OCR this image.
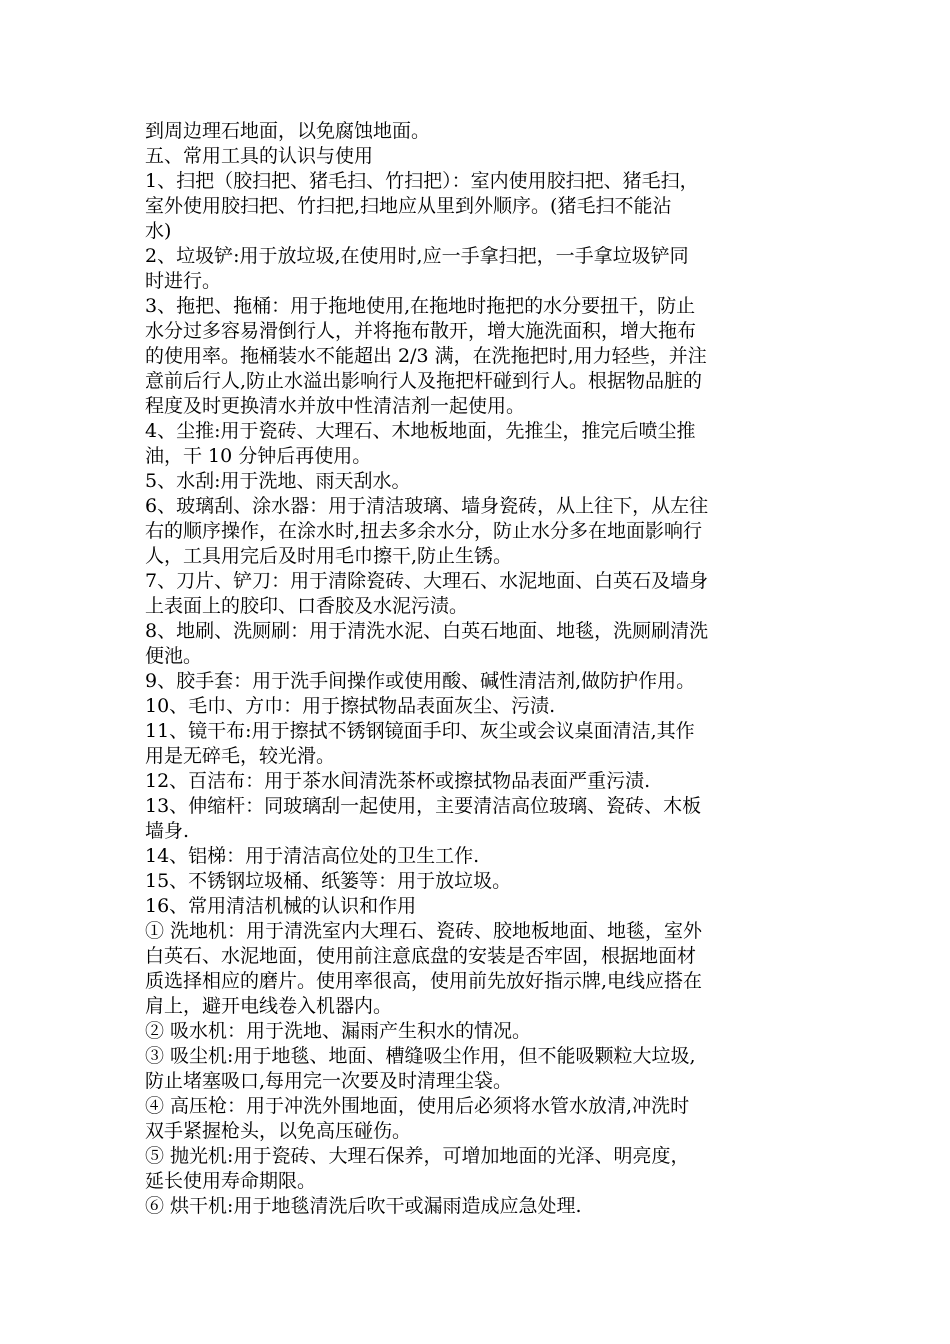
到周边理石地面，以免腐蚀地面。
五、常用工具的认识与使用
1、扫把（胶扫把、猪毛扫、竹扫把）：室内使用胶扫把、猪毛扫，
室外使用胶扫把、竹扫把,扫地应从里到外顺序。(猪毛扫不能沾
水)
2、垃圾铲:用于放垃圾,在使用时,应一手拿扫把，一手拿垃圾铲同
时进行。
3、拖把、拖桶：用于拖地使用,在拖地时拖把的水分要扭干，防止
水分过多容易滑倒行人，并将拖布散开，增大施洗面积，增大拖布
的使用率。拖桶装水不能超出 2/3 满，在洗拖把时,用力轻些，并注
意前后行人,防止水溢出影响行人及拖把杆碰到行人。根据物品脏的
程度及时更换清水并放中性清洁剂一起使用。
4、尘推:用于瓷砖、大理石、木地板地面，先推尘，推完后喷尘推
油，干 10 分钟后再使用。
5、水刮:用于洗地、雨天刮水。
6、玻璃刮、涂水器：用于清洁玻璃、墙身瓷砖，从上往下，从左往
右的顺序操作，在涂水时,扭去多余水分，防止水分多在地面影响行
人，工具用完后及时用毛巾擦干,防止生锈。
7、刀片、铲刀：用于清除瓷砖、大理石、水泥地面、白英石及墙身
上表面上的胶印、口香胶及水泥污渍。
8、地刷、洗厕刷：用于清洗水泥、白英石地面、地毯，洗厕刷清洗
便池。
9、胶手套：用于洗手间操作或使用酸、碱性清洁剂,做防护作用。
10、毛巾、方巾：用于擦拭物品表面灰尘、污渍.
11、镜干布:用于擦拭不锈钢镜面手印、灰尘或会议桌面清洁,其作
用是无碎毛，较光滑。
12、百洁布：用于茶水间清洗茶杯或擦拭物品表面严重污渍.
13、伸缩杆：同玻璃刮一起使用，主要清洁高位玻璃、瓷砖、木板
墙身.
14、铝梯：用于清洁高位处的卫生工作.
15、不锈钢垃圾桶、纸篓等：用于放垃圾。
16、常用清洁机械的认识和作用
① 洗地机：用于清洗室内大理石、瓷砖、胶地板地面、地毯，室外
白英石、水泥地面，使用前注意底盘的安装是否牢固，根据地面材
质选择相应的磨片。使用率很高，使用前先放好指示牌,电线应搭在
肩上，避开电线卷入机器内。
② 吸水机：用于洗地、漏雨产生积水的情况。
③ 吸尘机:用于地毯、地面、槽缝吸尘作用，但不能吸颗粒大垃圾,
防止堵塞吸口,每用完一次要及时清理尘袋。
④ 高压枪：用于冲洗外围地面，使用后必须将水管水放清,冲洗时
双手紧握枪头，以免高压碰伤。
⑤ 抛光机:用于瓷砖、大理石保养，可增加地面的光泽、明亮度，
延长使用寿命期限。
⑥ 烘干机:用于地毯清洗后吹干或漏雨造成应急处理.
